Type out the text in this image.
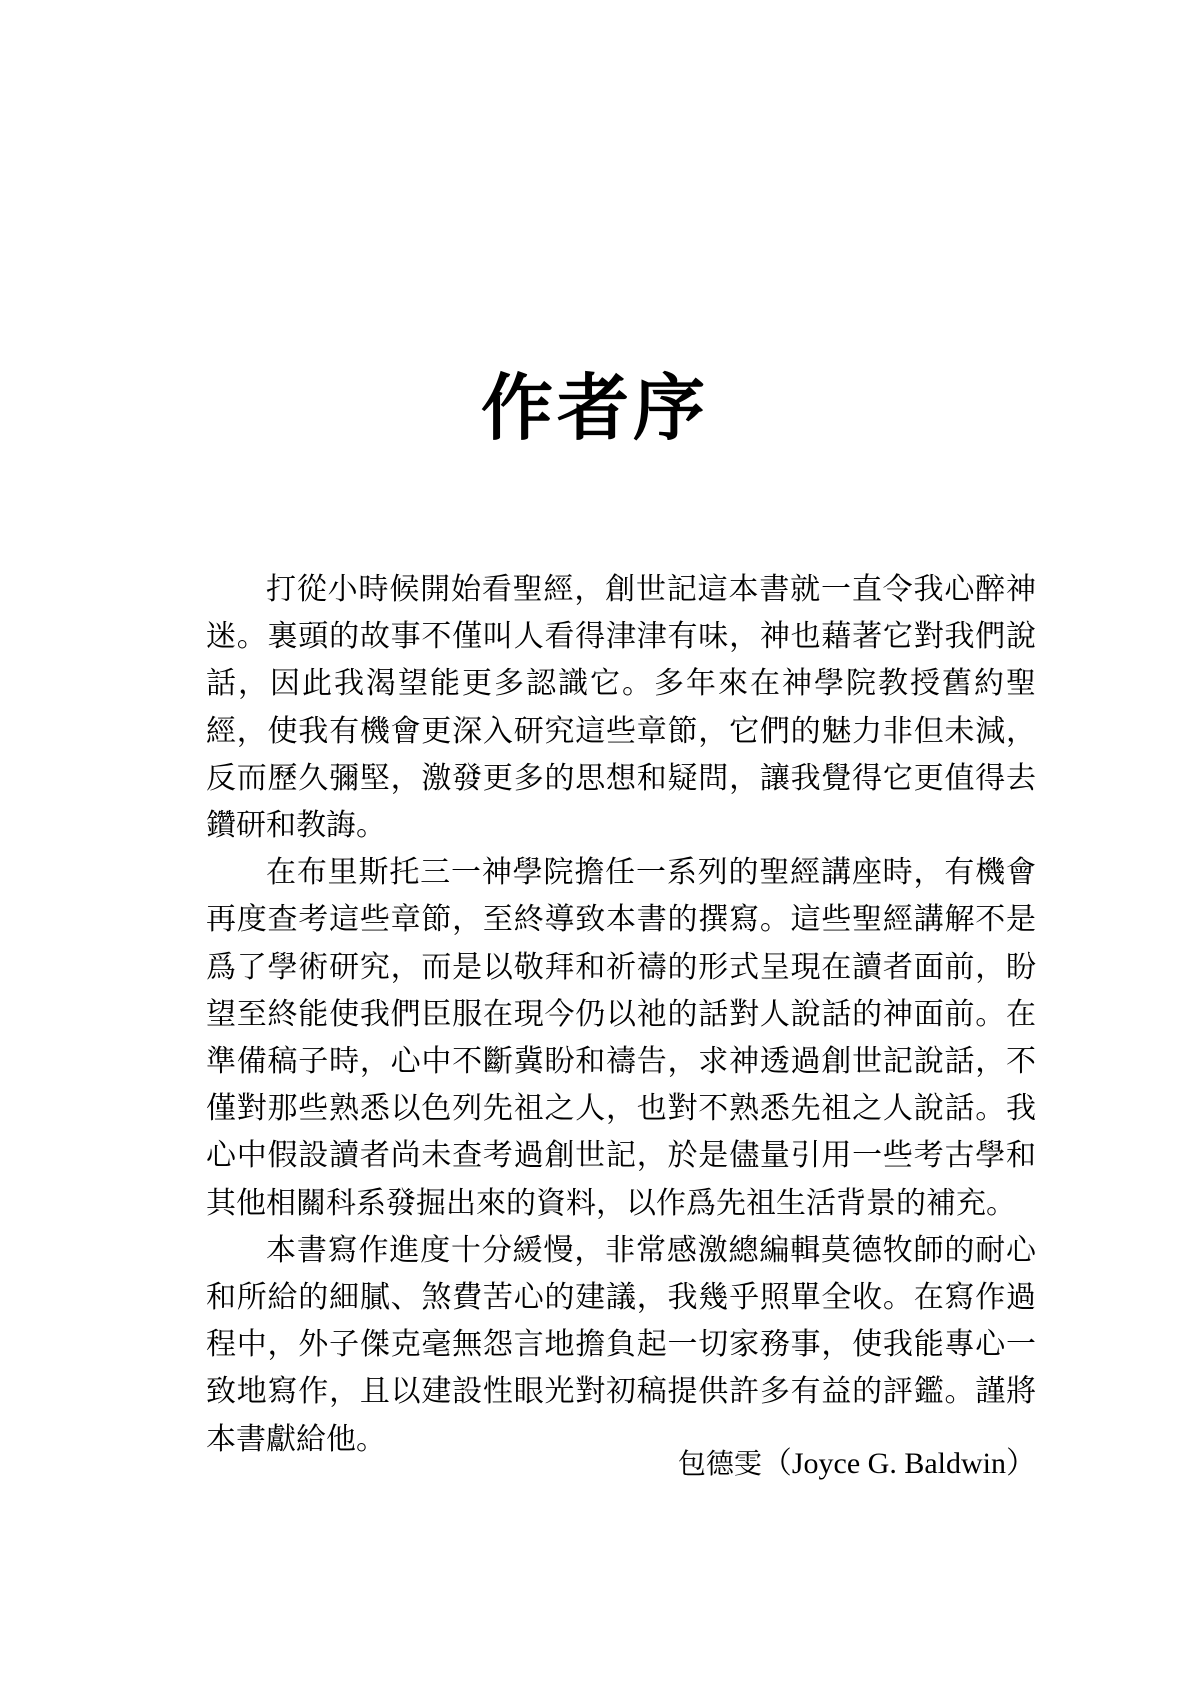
作者序

打從小時候開始看聖經，創世記這本書就一直令我心醉神迷。裏頭的故事不僅叫人看得津津有味，神也藉著它對我們說話，因此我渴望能更多認識它。多年來在神學院教授舊約聖經，使我有機會更深入研究這些章節，它們的魅力非但未減，反而歷久彌堅，激發更多的思想和疑問，讓我覺得它更值得去鑽研和教誨。

在布里斯托三一神學院擔任一系列的聖經講座時，有機會再度查考這些章節，至終導致本書的撰寫。這些聖經講解不是爲了學術研究，而是以敬拜和祈禱的形式呈現在讀者面前，盼望至終能使我們臣服在現今仍以祂的話對人說話的神面前。在準備稿子時，心中不斷冀盼和禱告，求神透過創世記說話，不僅對那些熟悉以色列先祖之人，也對不熟悉先祖之人說話。我心中假設讀者尚未查考過創世記，於是儘量引用一些考古學和其他相關科系發掘出來的資料，以作爲先祖生活背景的補充。

本書寫作進度十分緩慢，非常感激總編輯莫德牧師的耐心和所給的細膩、煞費苦心的建議，我幾乎照單全收。在寫作過程中，外子傑克毫無怨言地擔負起一切家務事，使我能專心一致地寫作，且以建設性眼光對初稿提供許多有益的評鑑。謹將本書獻給他。

包德雯（Joyce G. Baldwin）
